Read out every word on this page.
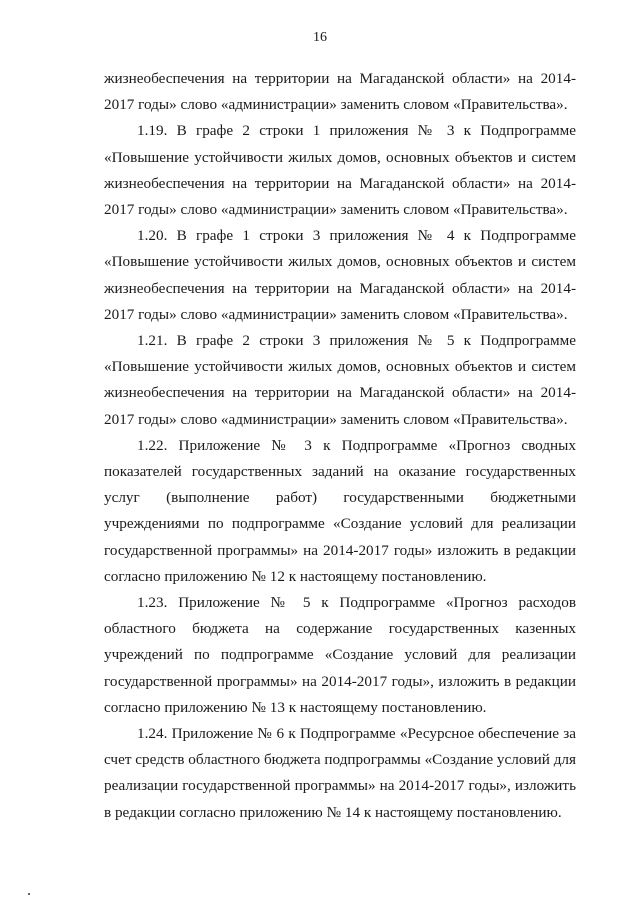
16

жизнеобеспечения на территории на Магаданской области» на 2014-2017 годы» слово «администрации» заменить словом «Правительства».

1.19. В графе 2 строки 1 приложения № 3 к Подпрограмме «Повышение устойчивости жилых домов, основных объектов и систем жизнеобеспечения на территории на Магаданской области» на 2014-2017 годы» слово «администрации» заменить словом «Правительства».

1.20. В графе 1 строки 3 приложения № 4 к Подпрограмме «Повышение устойчивости жилых домов, основных объектов и систем жизнеобеспечения на территории на Магаданской области» на 2014-2017 годы» слово «администрации» заменить словом «Правительства».

1.21. В графе 2 строки 3 приложения № 5 к Подпрограмме «Повышение устойчивости жилых домов, основных объектов и систем жизнеобеспечения на территории на Магаданской области» на 2014-2017 годы» слово «администрации» заменить словом «Правительства».

1.22. Приложение № 3 к Подпрограмме «Прогноз сводных показателей государственных заданий на оказание государственных услуг (выполнение работ) государственными бюджетными учреждениями по подпрограмме «Создание условий для реализации государственной программы» на 2014-2017 годы» изложить в редакции согласно приложению № 12 к настоящему постановлению.

1.23. Приложение № 5 к Подпрограмме «Прогноз расходов областного бюджета на содержание государственных казенных учреждений по подпрограмме «Создание условий для реализации государственной программы» на 2014-2017 годы», изложить в редакции согласно приложению № 13 к настоящему постановлению.

1.24. Приложение № 6 к Подпрограмме «Ресурсное обеспечение за счет средств областного бюджета подпрограммы «Создание условий для реализации государственной программы» на 2014-2017 годы», изложить в редакции согласно приложению № 14 к настоящему постановлению.
